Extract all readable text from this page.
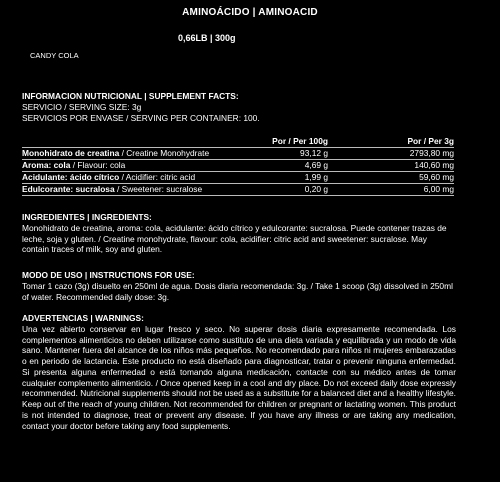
AMINOÁCIDO | AMINOACID
0,66LB | 300g
CANDY COLA
INFORMACION NUTRICIONAL | SUPPLEMENT FACTS:
SERVICIO / SERVING SIZE: 3g
SERVICIOS POR ENVASE / SERVING PER CONTAINER: 100.
Por / Per 100g	Por / Per 3g
Monohidrato de creatina / Creatine Monohydrate	93,12 g	2793,80 mg
Aroma: cola / Flavour: cola	4,69 g	140,60 mg
Acidulante: ácido cítrico / Acidifier: citric acid	1,99 g	59,60 mg
Edulcorante: sucralosa / Sweetener: sucralose	0,20 g	6,00 mg
INGREDIENTES | INGREDIENTS:
Monohidrato de creatina, aroma: cola, acidulante: ácido cítrico y edulcorante: sucralosa. Puede contener trazas de leche, soja y gluten. / Creatine monohydrate, flavour: cola, acidifier: citric acid and sweetener: sucralose. May contain traces of milk, soy and gluten.
MODO DE USO | INSTRUCTIONS FOR USE:
Tomar 1 cazo (3g) disuelto en 250ml de agua. Dosis diaria recomendada: 3g. / Take 1 scoop (3g) dissolved in 250ml of water. Recommended daily dose: 3g.
ADVERTENCIAS | WARNINGS:
Una vez abierto conservar en lugar fresco y seco. No superar dosis diaria expresamente recomendada. Los complementos alimenticios no deben utilizarse como sustituto de una dieta variada y equilibrada y un modo de vida sano. Mantener fuera del alcance de los niños más pequeños. No recomendado para niños ni mujeres embarazadas o en periodo de lactancia. Este producto no está diseñado para diagnosticar, tratar o prevenir ninguna enfermedad. Si presenta alguna enfermedad o está tomando alguna medicación, contacte con su médico antes de tomar cualquier complemento alimenticio. / Once opened keep in a cool and dry place. Do not exceed daily dose expressly recommended. Nutricional supplements should not be used as a substitute for a balanced diet and a healthy lifestyle. Keep out of the reach of young children. Not recommended for children or pregnant or lactating women. This product is not intended to diagnose, treat or prevent any disease. If you have any illness or are taking any medication, contact your doctor before taking any food supplements.
